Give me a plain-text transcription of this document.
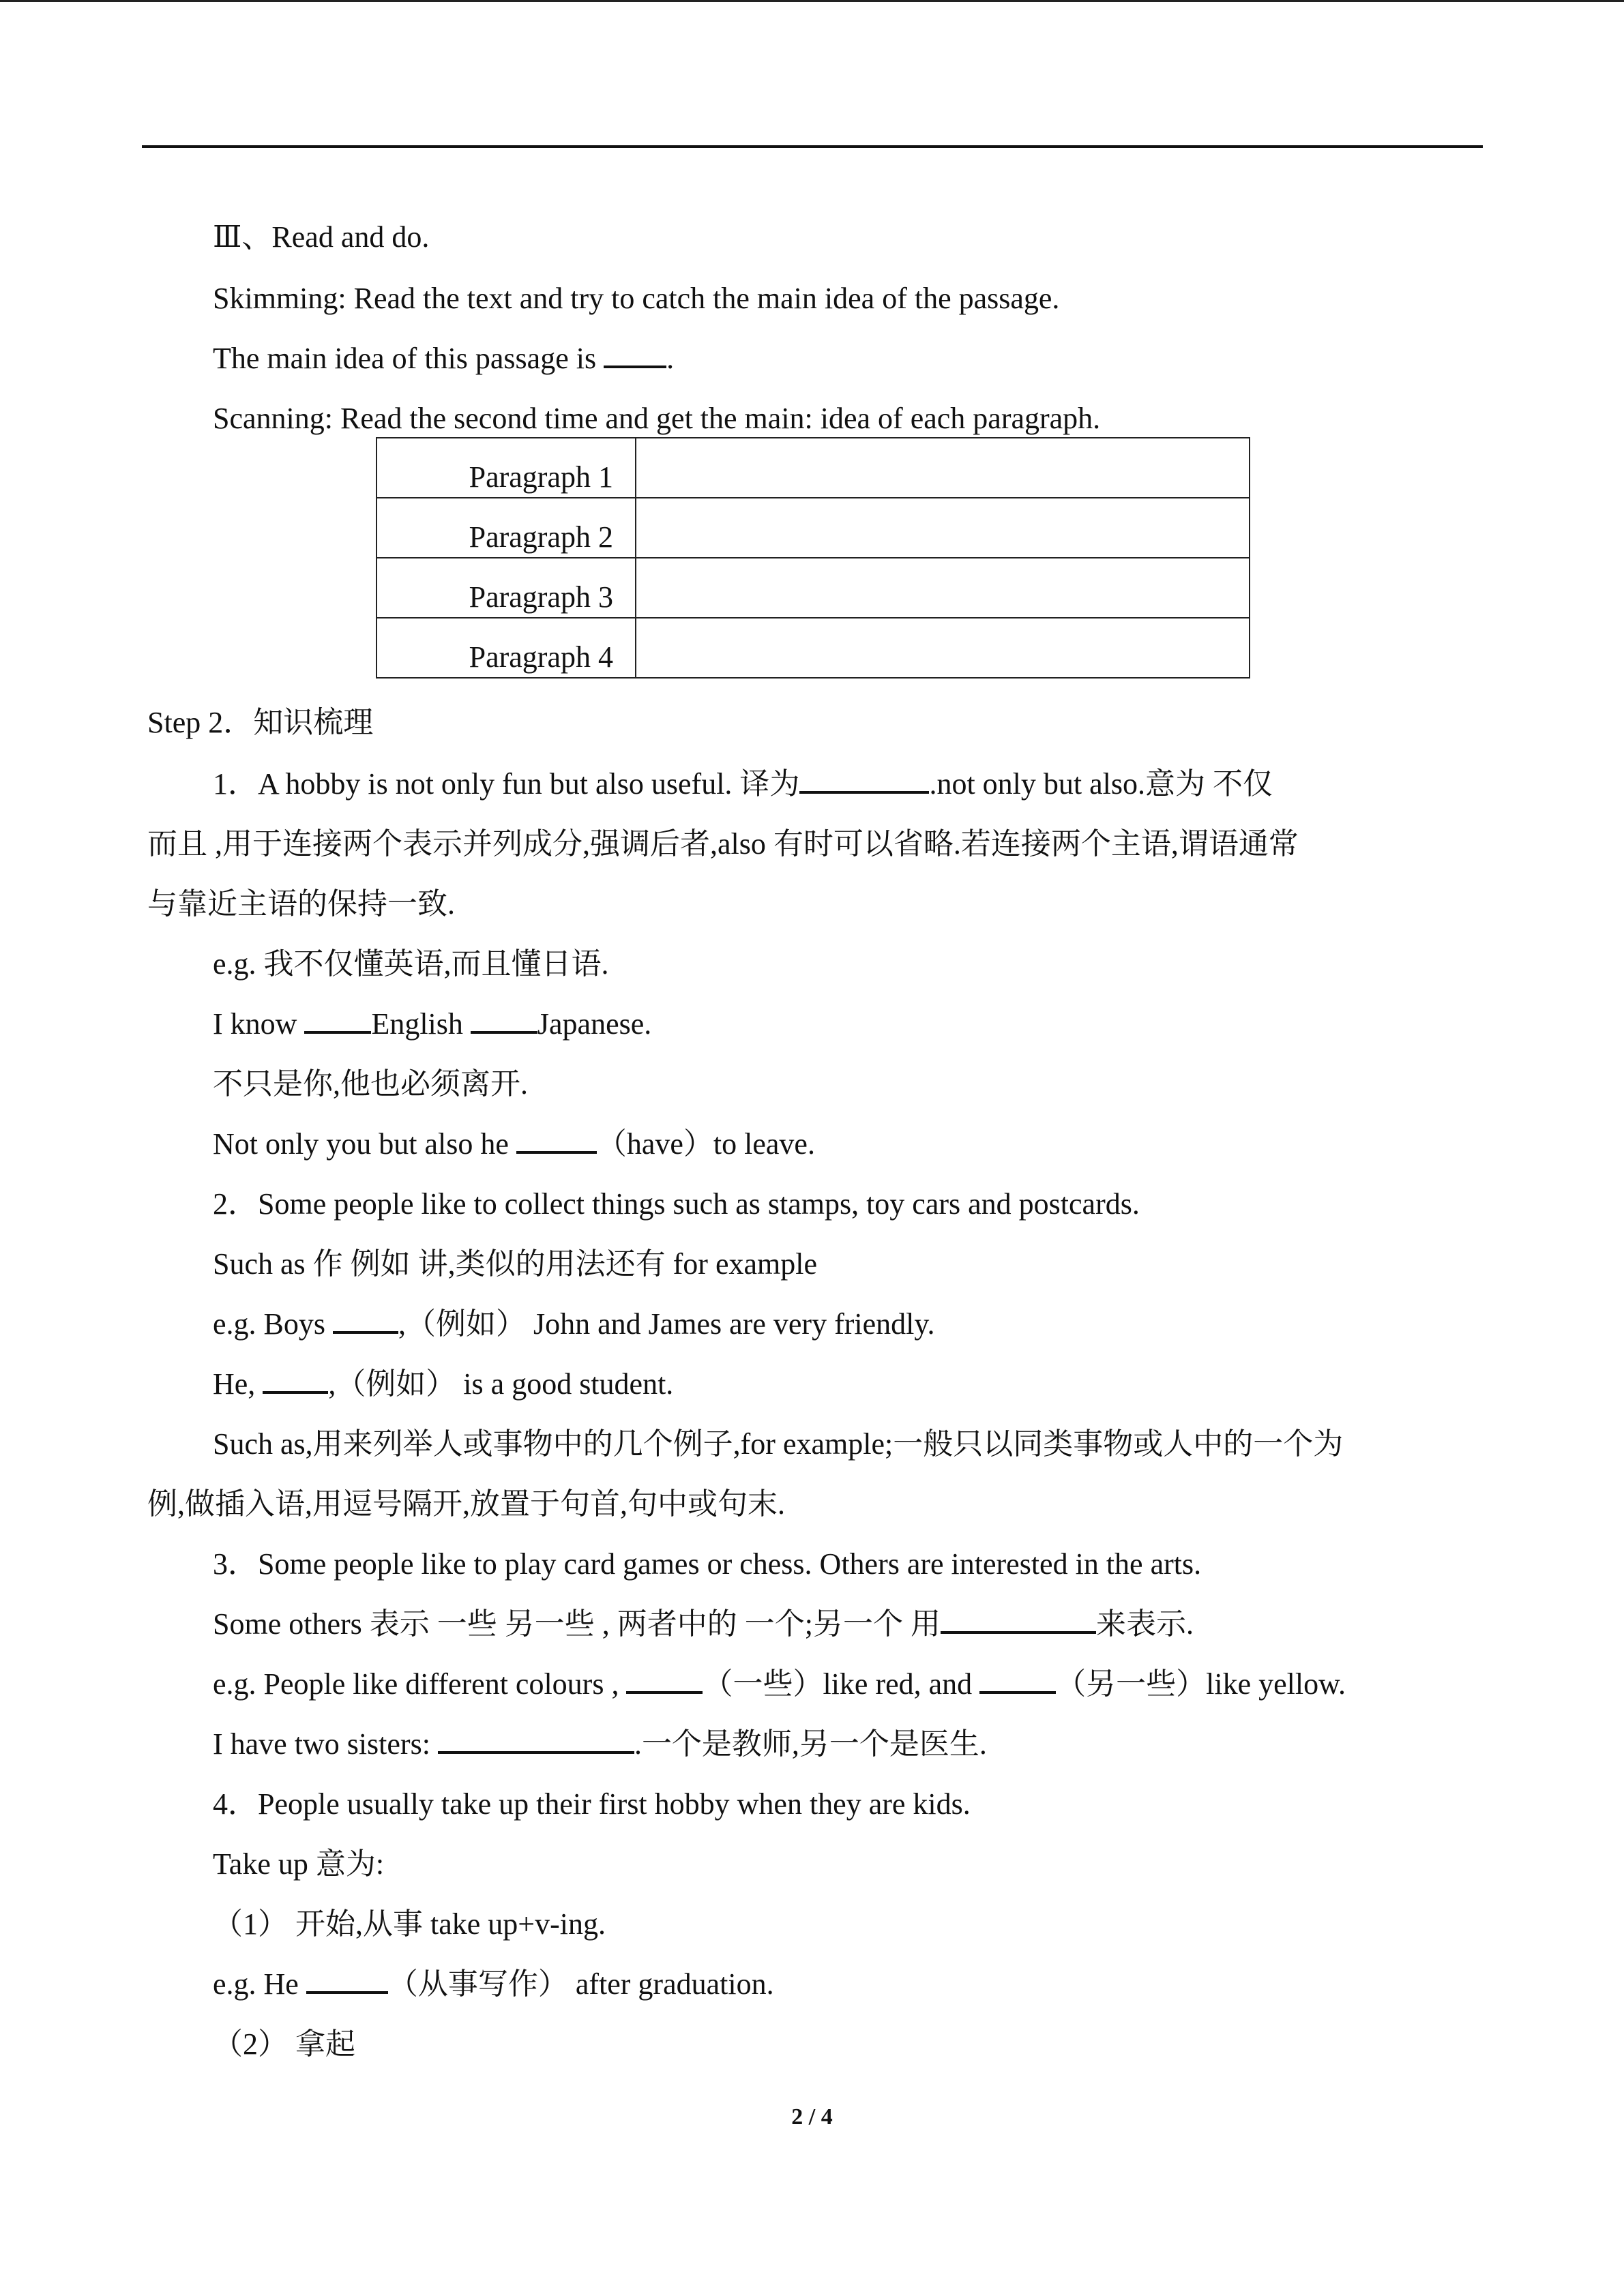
Ⅲ、Read and do.
Skimming: Read the text and try to catch the main idea of the passage.
The main idea of this passage is .
Scanning: Read the second time and get the main: idea of each paragraph.
Paragraph 1	
Paragraph 2	
Paragraph 3	
Paragraph 4	
Step 2．知识梳理
1．A hobby is not only fun but also useful. 译为	.not only but also.意为 不仅
而且 ,用于连接两个表示并列成分,强调后者,also 有时可以省略.若连接两个主语,谓语通常
与靠近主语的保持一致.
e.g. 我不仅懂英语,而且懂日语.
I know English Japanese.
不只是你,他也必须离开.
Not only you but also he	（have）to leave.
2．Some people like to collect things such as stamps, toy cars and postcards.
Such as 作 例如 讲,类似的用法还有 for example
e.g. Boys ,（例如） John and James are very friendly.
He, ,（例如） is a good student.
Such as,用来列举人或事物中的几个例子,for example;一般只以同类事物或人中的一个为
例,做插入语,用逗号隔开,放置于句首,句中或句末.
3．Some people like to play card games or chess. Others are interested in the arts.
Some others 表示 一些 另一些 , 两者中的 一个;另一个 用	来表示.
e.g. People like different colours ,	（一些）like red, and	（另一些）like yellow.
I have two sisters:	.一个是教师,另一个是医生.
4．People usually take up their first hobby when they are kids.
Take up 意为:
（1） 开始,从事 take up+v-ing.
e.g. He	（从事写作） after graduation.
（2） 拿起
2 / 4
